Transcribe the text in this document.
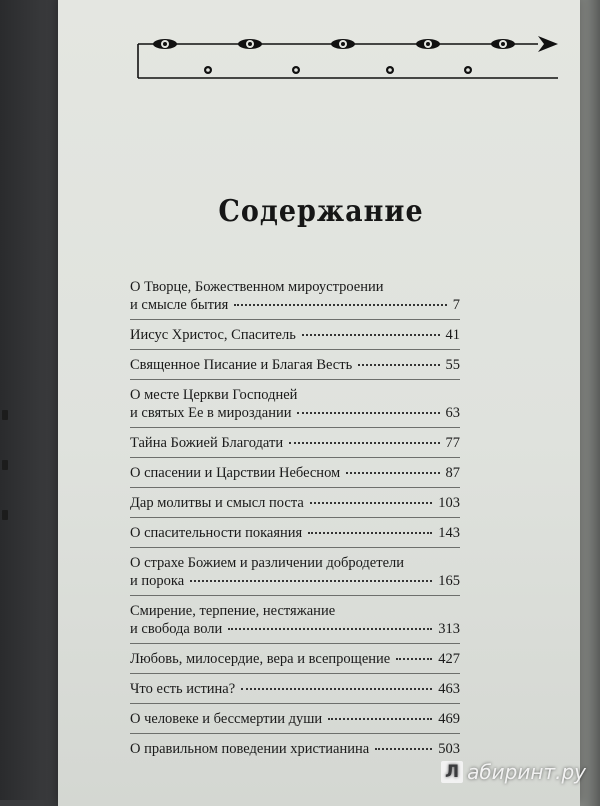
Содержание
О Творце, Божественном мироустроении
и смысле бытия	7
Иисус Христос, Спаситель	41
Священное Писание и Благая Весть	55
О месте Церкви Господней
и святых Ее в мироздании	63
Тайна Божией Благодати	77
О спасении и Царствии Небесном	87
Дар молитвы и смысл поста	103
О спасительности покаяния	143
О страхе Божием и различении добродетели
и порока	165
Смирение, терпение, нестяжание
и свобода воли	313
Любовь, милосердие, вера и всепрощение	427
Что есть истина?	463
О человеке и бессмертии души	469
О правильном поведении христианина	503
Л абиринт.ру
